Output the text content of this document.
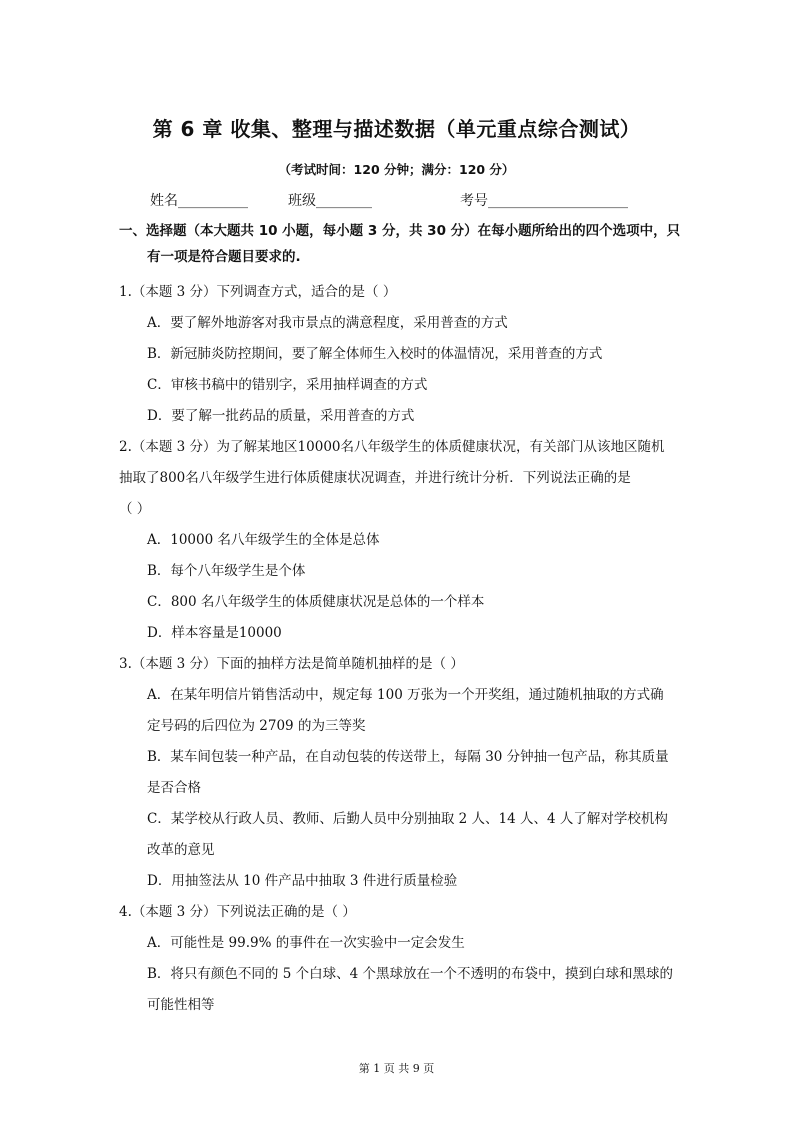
第 6 章 收集、整理与描述数据（单元重点综合测试）
（考试时间：120 分钟；满分：120 分）
姓名__________	班级________	考号____________________
一、选择题（本大题共 10 小题，每小题 3 分，共 30 分）在每小题所给出的四个选项中，只
有一项是符合题目要求的.
1.（本题 3 分）下列调查方式，适合的是（ ）
A．要了解外地游客对我市景点的满意程度，采用普查的方式
B．新冠肺炎防控期间，要了解全体师生入校时的体温情况，采用普查的方式
C．审核书稿中的错别字，采用抽样调查的方式
D．要了解一批药品的质量，采用普查的方式
2.（本题 3 分）为了解某地区10000名八年级学生的体质健康状况，有关部门从该地区随机
抽取了800名八年级学生进行体质健康状况调查，并进行统计分析．下列说法正确的是
（ ）
A．10000 名八年级学生的全体是总体
B．每个八年级学生是个体
C．800 名八年级学生的体质健康状况是总体的一个样本
D．样本容量是10000
3.（本题 3 分）下面的抽样方法是简单随机抽样的是（ ）
A．在某年明信片销售活动中，规定每 100 万张为一个开奖组，通过随机抽取的方式确
定号码的后四位为 2709 的为三等奖
B．某车间包装一种产品，在自动包装的传送带上，每隔 30 分钟抽一包产品，称其质量
是否合格
C．某学校从行政人员、教师、后勤人员中分别抽取 2 人、14 人、4 人了解对学校机构
改革的意见
D．用抽签法从 10 件产品中抽取 3 件进行质量检验
4.（本题 3 分）下列说法正确的是（ ）
A．可能性是 99.9% 的事件在一次实验中一定会发生
B．将只有颜色不同的 5 个白球、4 个黑球放在一个不透明的布袋中，摸到白球和黑球的
可能性相等
第 1 页 共 9 页
